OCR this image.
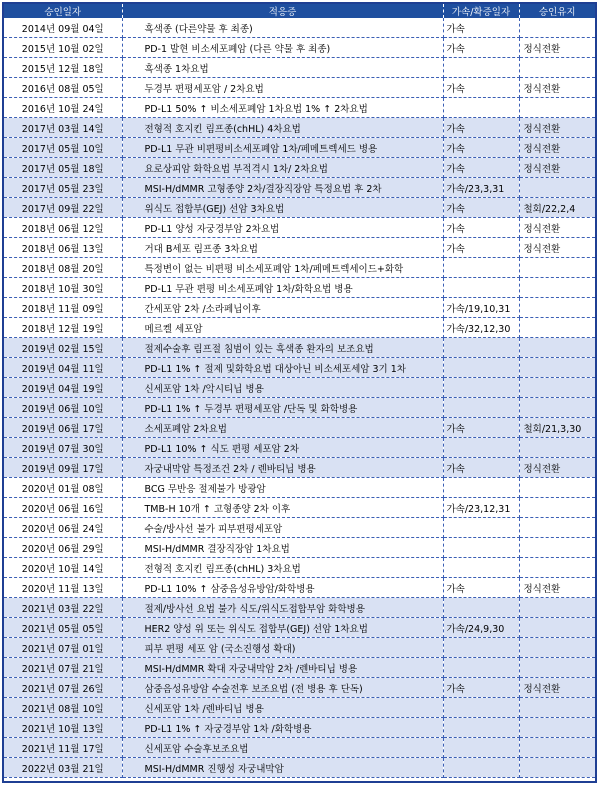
승인일자	적응증	가속/확증일자	승인유지
2014년 09월 04일	흑색종 (다른약물 후 최종)	가속	
2015년 10월 02일	PD-1 발현 비소세포폐암 (다른 약물 후 최종)	가속	정식전환
2015년 12월 18일	흑색종 1차요법		
2016년 08월 05일	두경부 편평세포암 / 2차요법	가속	정식전환
2016년 10월 24일	PD-L1 50% ↑ 비소세포폐암 1차요법 1% ↑ 2차요법		
2017년 03월 14일	전형적 호지킨 림프종(chHL) 4차요법	가속	정식전환
2017년 05월 10일	PD-L1 무관 비편평비소세포폐암 1차/페메트렉세드 병용	가속	정식전환
2017년 05월 18일	요로상피암 화학요법 부적격시 1차/ 2차요법	가속	정식전환
2017년 05월 23일	MSI-H/dMMR 고형종양 2차/결장직장암 특정요법 후 2차	가속/23,3,31	
2017년 09월 22일	위식도 접합부(GEJ) 선암 3차요법	가속	철회/22,2,4
2018년 06월 12일	PD-L1 양성 자궁경부암 2차요법	가속	정식전환
2018년 06월 13일	거대 B세포 림프종 3차요법	가속	정식전환
2018년 08월 20일	특정변이 없는 비편평 비소세포폐암 1차/페메트렉세이드+화학		
2018년 10월 30일	PD-L1 무관 편평 비소세포폐암 1차/화학요법 병용		
2018년 11월 09일	간세포암 2차 /소라페닙이후	가속/19,10,31	
2018년 12월 19일	메르켈 세포암	가속/32,12,30	
2019년 02월 15일	절제수술후 림프절 침범이 있는 흑색종 환자의 보조요법		
2019년 04월 11일	PD-L1 1% ↑ 절제 및화학요법 대상아닌 비소세포세암 3기 1차		
2019년 04월 19일	신세포암 1차 /악시티닙 병용		
2019년 06월 10일	PD-L1 1% ↑ 두경부 편평세포암 /단독 및 화학병용		
2019년 06월 17일	소세포폐암 2차요법	가속	철회/21,3,30
2019년 07월 30일	PD-L1 10% ↑ 식도 편평 세포암 2차		
2019년 09월 17일	자궁내막암 특정조건 2차 / 렌바티닙 병용	가속	정식전환
2020년 01월 08일	BCG 무반응 절제불가 방광암		
2020년 06월 16일	TMB-H 10개 ↑ 고형종양 2차 이후	가속/23,12,31	
2020년 06월 24일	수술/방사선 불가 피부편평세포암		
2020년 06월 29일	MSI-H/dMMR 결장직장암 1차요법		
2020년 10월 14일	전형적 호지킨 림프종(chHL) 3차요법		
2020년 11월 13일	PD-L1 10% ↑ 삼중음성유방암/화학병용	가속	정식전환
2021년 03월 22일	절제/방사선 요법 불가 식도/위식도접합부암 화학병용		
2021년 05월 05일	HER2 양성 위 또는 위식도 접합부(GEJ) 선암 1차요법	가속/24,9,30	
2021년 07월 01일	피부 편평 세포 암 (국소진행성 확대)		
2021년 07월 21일	MSI-H/dMMR 확대 자궁내막암 2차 /렌바티닙 병용		
2021년 07월 26일	삼중음성유방암 수술전후 보조요법 (전 병용 후 단독)	가속	정식전환
2021년 08월 10일	신세포암 1차 /렌바티닙 병용		
2021년 10월 13일	PD-L1 1% ↑ 자궁경부암 1차 /화학병용		
2021년 11월 17일	신세포암 수술후보조요법		
2022년 03월 21일	MSI-H/dMMR 진행성 자궁내막암		
